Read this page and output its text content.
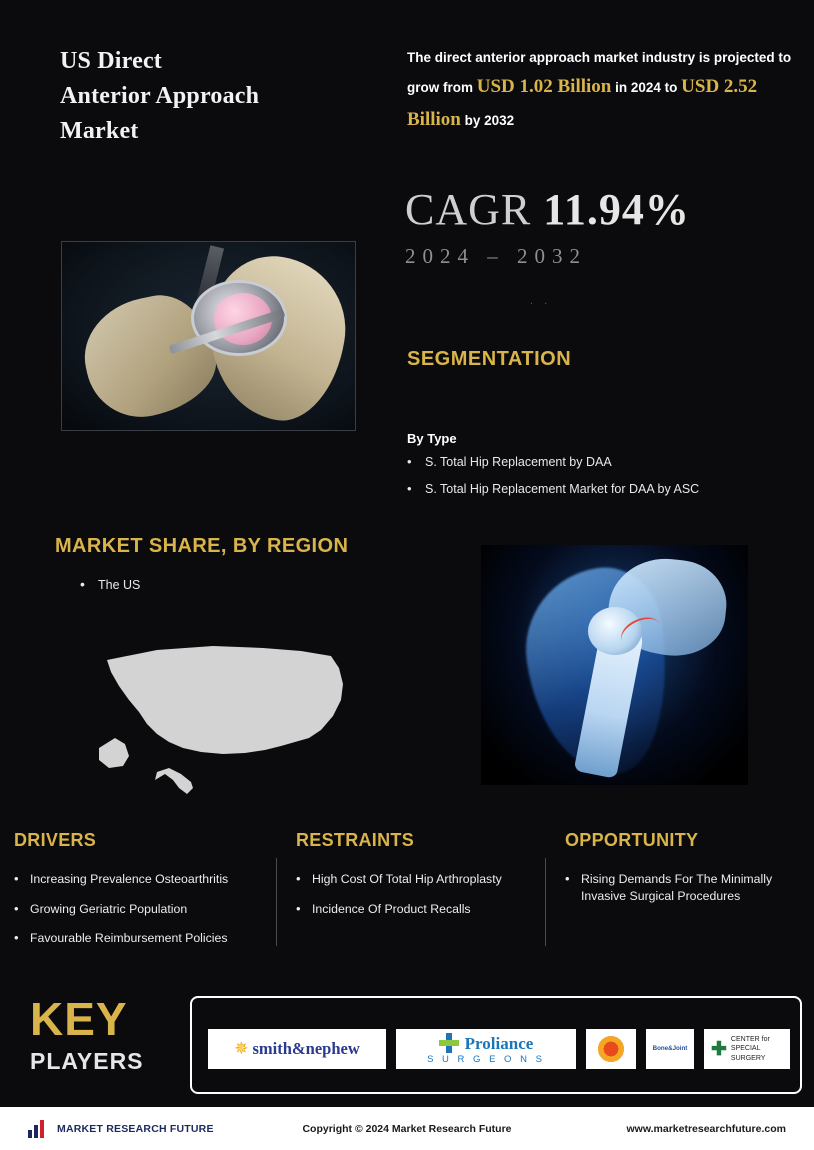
US Direct
Anterior Approach
Market
The direct anterior approach market industry is projected to grow from USD 1.02 Billion in 2024 to USD 2.52 Billion by 2032
CAGR 11.94%
2024 – 2032
. .
SEGMENTATION
By Type
• S. Total Hip Replacement by DAA
• S. Total Hip Replacement Market for DAA by ASC
MARKET SHARE, BY REGION
• The US
DRIVERS
• Increasing Prevalence Osteoarthritis
• Growing Geriatric Population
• Favourable Reimbursement Policies
RESTRAINTS
• High Cost Of Total Hip Arthroplasty
• Incidence Of Product Recalls
OPPORTUNITY
• Rising Demands For The Minimally Invasive Surgical Procedures
KEY
PLAYERS	✵ smith&nephew	Proliance
S U R G E O N S
Bone&Joint ✚ CENTER for
SPECIAL SURGERY
MARKET RESEARCH FUTURE	Copyright © 2024 Market Research Future	www.marketresearchfuture.com
